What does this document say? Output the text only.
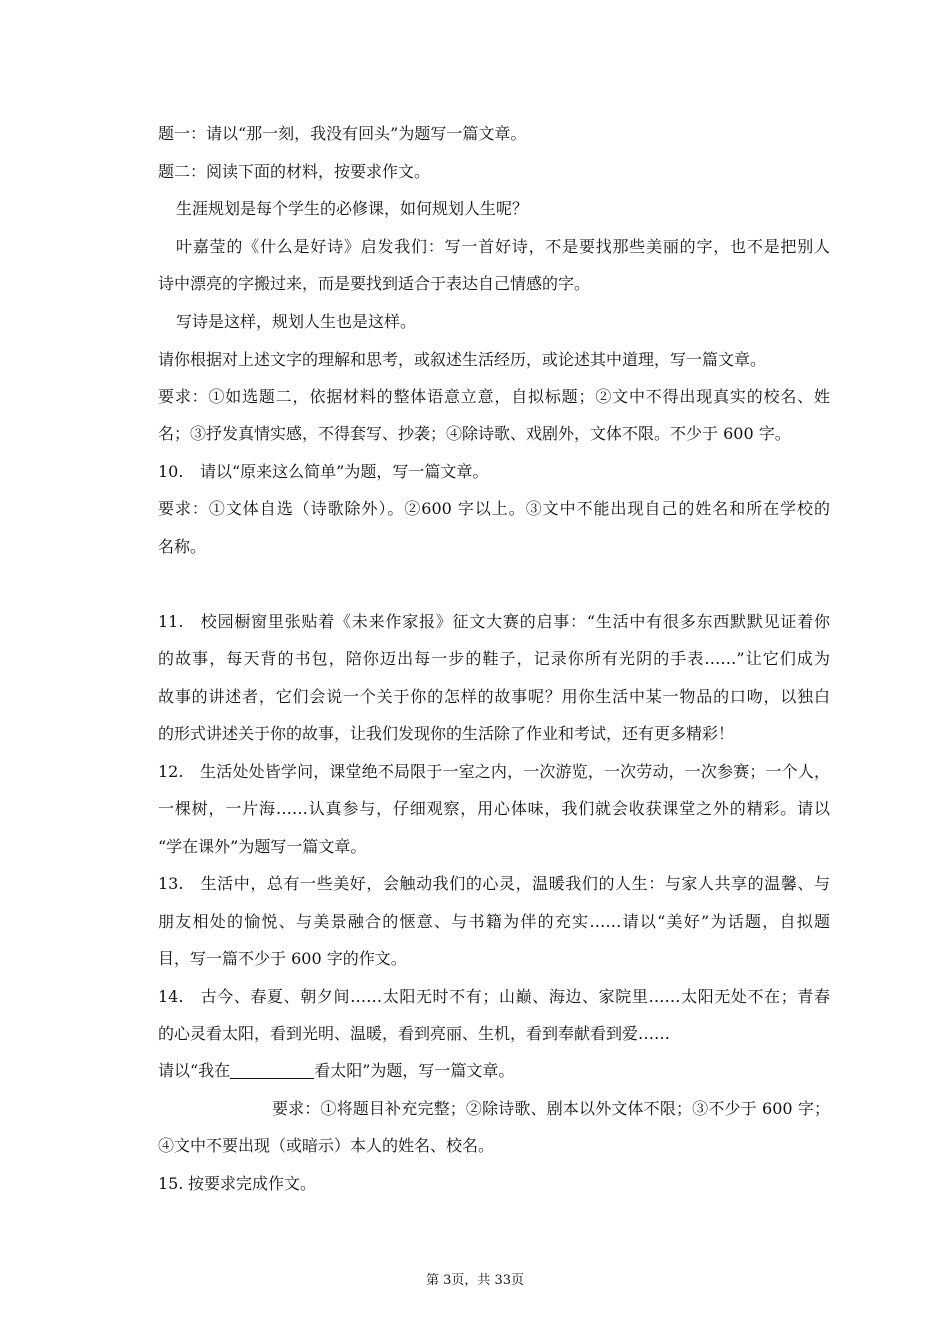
题一：请以“那一刻，我没有回头”为题写一篇文章。
题二：阅读下面的材料，按要求作文。
生涯规划是每个学生的必修课，如何规划人生呢？
叶嘉莹的《什么是好诗》启发我们：写一首好诗，不是要找那些美丽的字，也不是把别人
诗中漂亮的字搬过来，而是要找到适合于表达自己情感的字。
写诗是这样，规划人生也是这样。
请你根据对上述文字的理解和思考，或叙述生活经历，或论述其中道理，写一篇文章。
要求：①如选题二，依据材料的整体语意立意，自拟标题；②文中不得出现真实的校名、姓
名；③抒发真情实感，不得套写、抄袭；④除诗歌、戏剧外，文体不限。不少于 600 字。
10. 请以“原来这么简单”为题，写一篇文章。
要求：①文体自选（诗歌除外）。②600 字以上。③文中不能出现自己的姓名和所在学校的
名称。
11. 校园橱窗里张贴着《未来作家报》征文大赛的启事：“生活中有很多东西默默见证着你
的故事，每天背的书包，陪你迈出每一步的鞋子，记录你所有光阴的手表……”让它们成为
故事的讲述者，它们会说一个关于你的怎样的故事呢？用你生活中某一物品的口吻，以独白
的形式讲述关于你的故事，让我们发现你的生活除了作业和考试，还有更多精彩！
12. 生活处处皆学问，课堂绝不局限于一室之内，一次游览，一次劳动，一次参赛；一个人，
一棵树，一片海……认真参与，仔细观察，用心体味，我们就会收获课堂之外的精彩。请以
“学在课外”为题写一篇文章。
13. 生活中，总有一些美好，会触动我们的心灵，温暖我们的人生：与家人共享的温馨、与
朋友相处的愉悦、与美景融合的惬意、与书籍为伴的充实……请以“美好”为话题，自拟题
目，写一篇不少于 600 字的作文。
14. 古今、春夏、朝夕间……太阳无时不有；山巅、海边、家院里……太阳无处不在；青春
的心灵看太阳，看到光明、温暖，看到亮丽、生机，看到奉献看到爱……
请以“我在	看太阳”为题，写一篇文章。
要求：①将题目补充完整；②除诗歌、剧本以外文体不限；③不少于 600 字；
④文中不要出现（或暗示）本人的姓名、校名。
15. 按要求完成作文。
第 3页，共 33页
